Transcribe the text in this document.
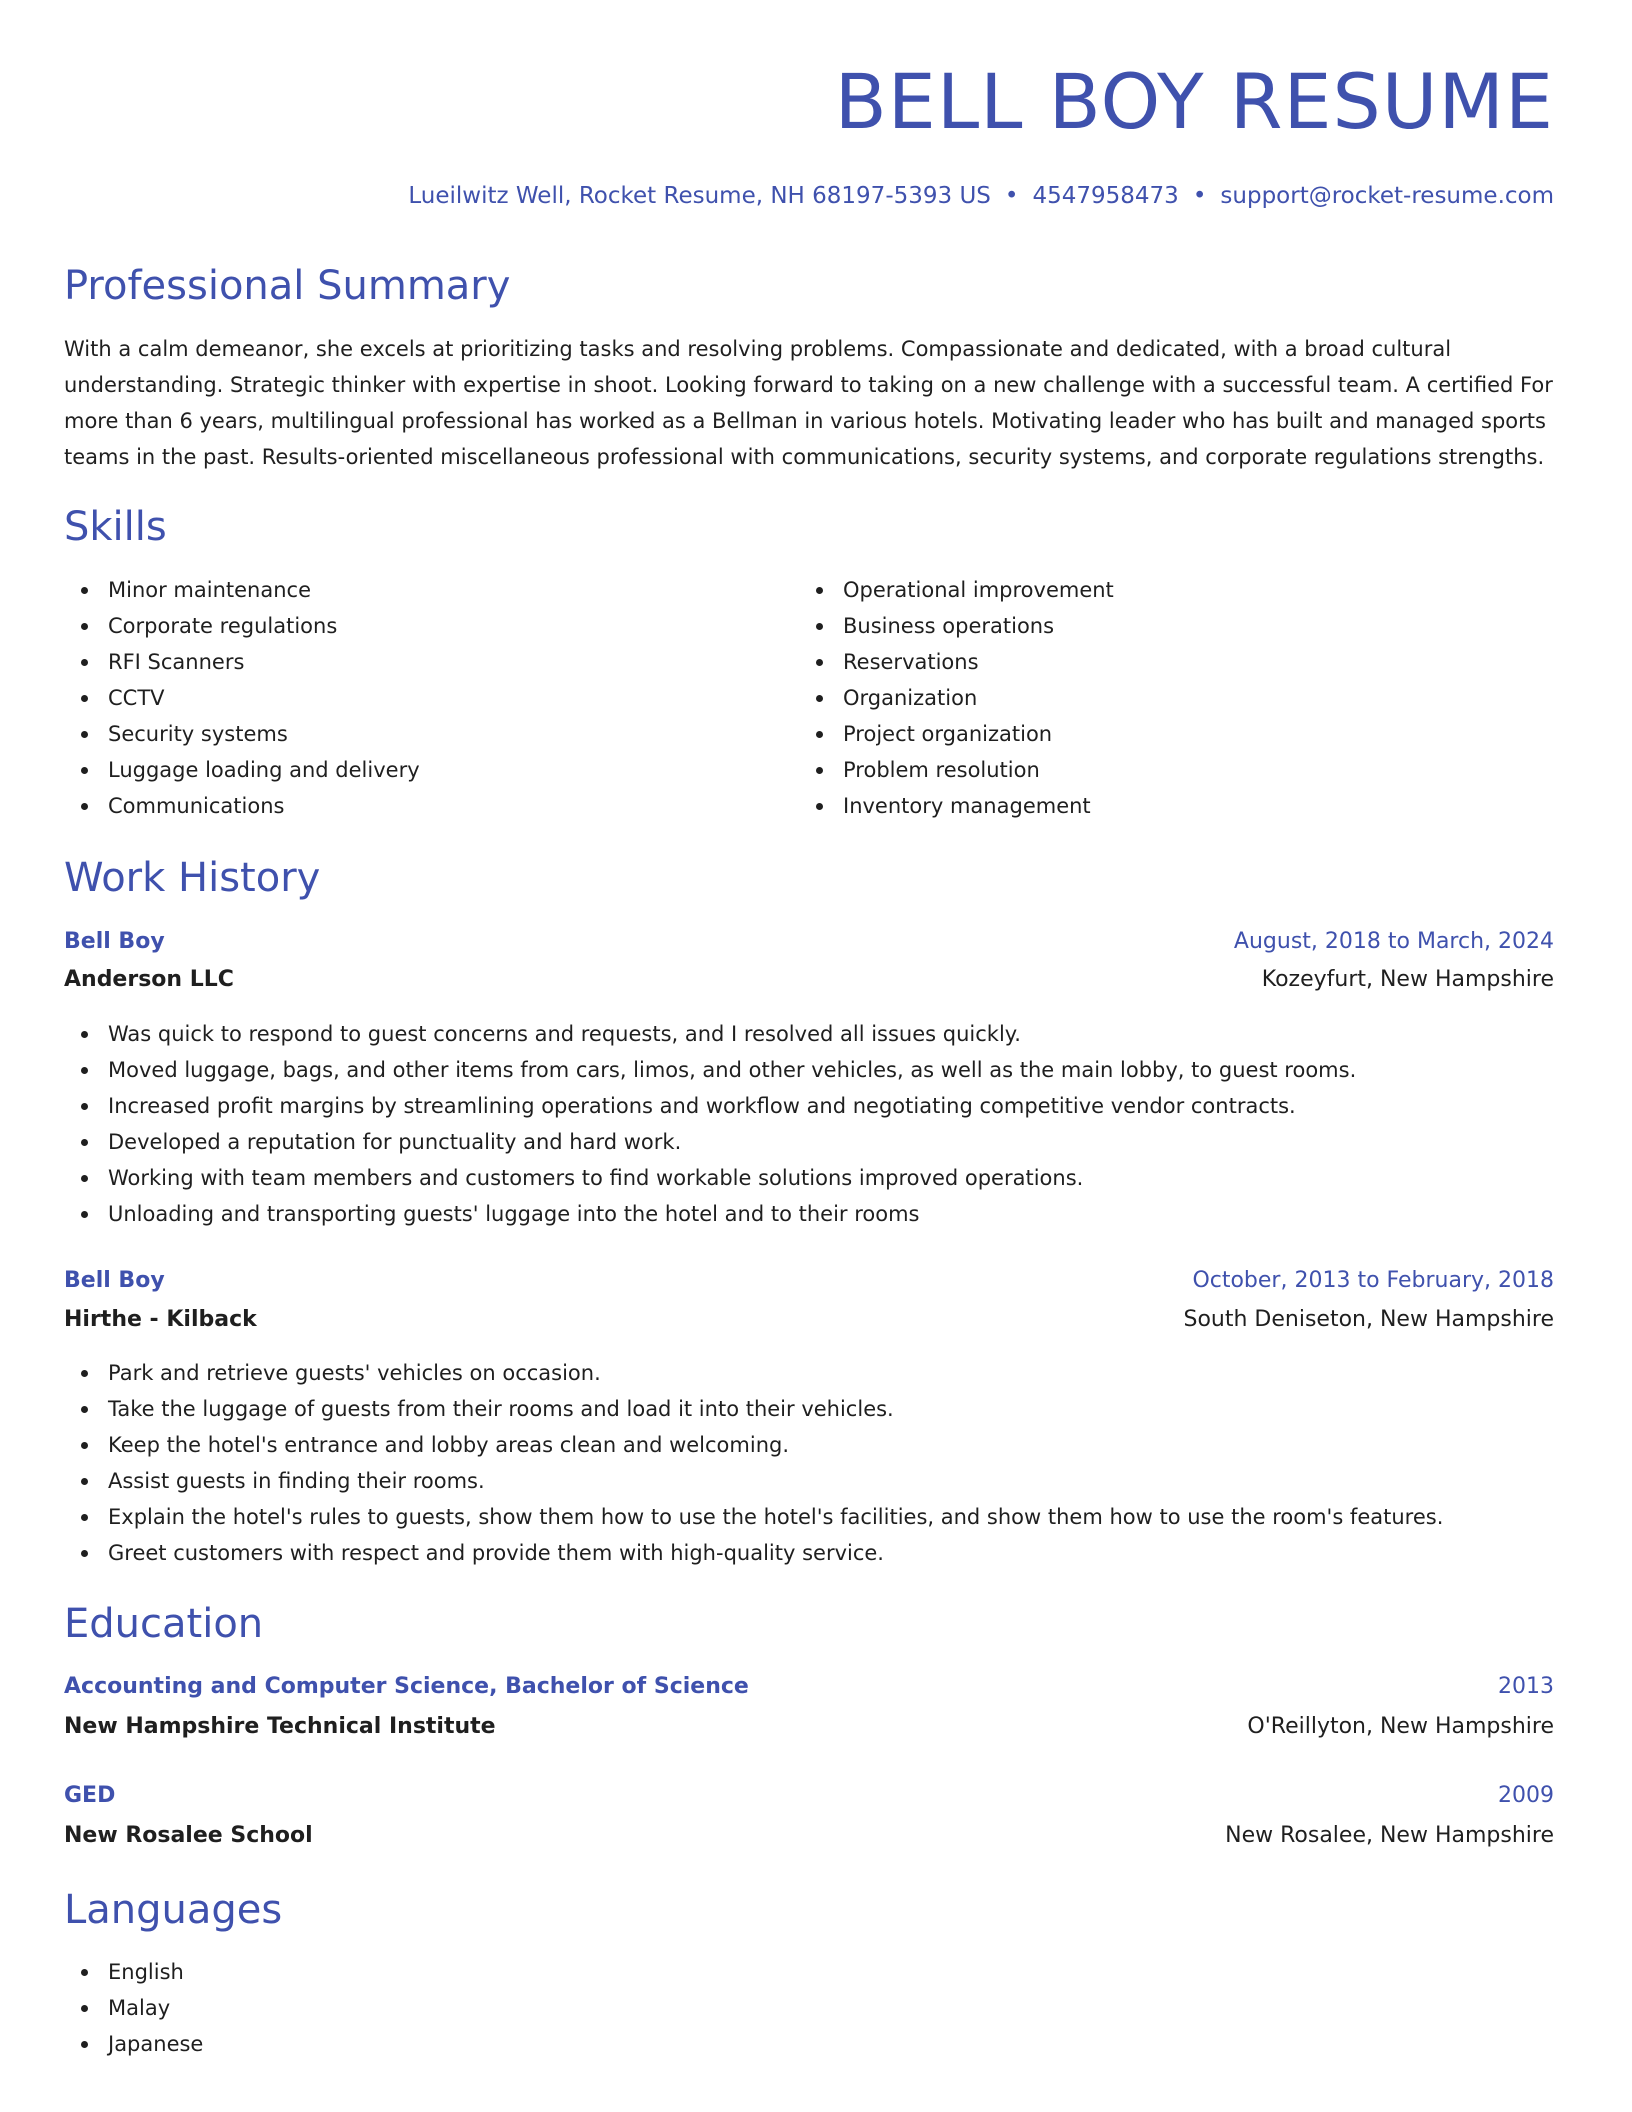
BELL BOY RESUME
Lueilwitz Well, Rocket Resume, NH 68197-5393 US • 4547958473 • support@rocket-resume.com
Professional Summary
With a calm demeanor, she excels at prioritizing tasks and resolving problems. Compassionate and dedicated, with a broad cultural understanding. Strategic thinker with expertise in shoot. Looking forward to taking on a new challenge with a successful team. A certified For more than 6 years, multilingual professional has worked as a Bellman in various hotels. Motivating leader who has built and managed sports teams in the past. Results-oriented miscellaneous professional with communications, security systems, and corporate regulations strengths.
Skills
Minor maintenance
Corporate regulations
RFI Scanners
CCTV
Security systems
Luggage loading and delivery
Communications
Operational improvement
Business operations
Reservations
Organization
Project organization
Problem resolution
Inventory management
Work History
Bell Boy	August, 2018 to March, 2024
Anderson LLC	Kozeyfurt, New Hampshire
Was quick to respond to guest concerns and requests, and I resolved all issues quickly.
Moved luggage, bags, and other items from cars, limos, and other vehicles, as well as the main lobby, to guest rooms.
Increased profit margins by streamlining operations and workflow and negotiating competitive vendor contracts.
Developed a reputation for punctuality and hard work.
Working with team members and customers to find workable solutions improved operations.
Unloading and transporting guests' luggage into the hotel and to their rooms
Bell Boy	October, 2013 to February, 2018
Hirthe - Kilback	South Deniseton, New Hampshire
Park and retrieve guests' vehicles on occasion.
Take the luggage of guests from their rooms and load it into their vehicles.
Keep the hotel's entrance and lobby areas clean and welcoming.
Assist guests in finding their rooms.
Explain the hotel's rules to guests, show them how to use the hotel's facilities, and show them how to use the room's features.
Greet customers with respect and provide them with high-quality service.
Education
Accounting and Computer Science, Bachelor of Science	2013
New Hampshire Technical Institute	O'Reillyton, New Hampshire
GED	2009
New Rosalee School	New Rosalee, New Hampshire
Languages
English
Malay
Japanese
